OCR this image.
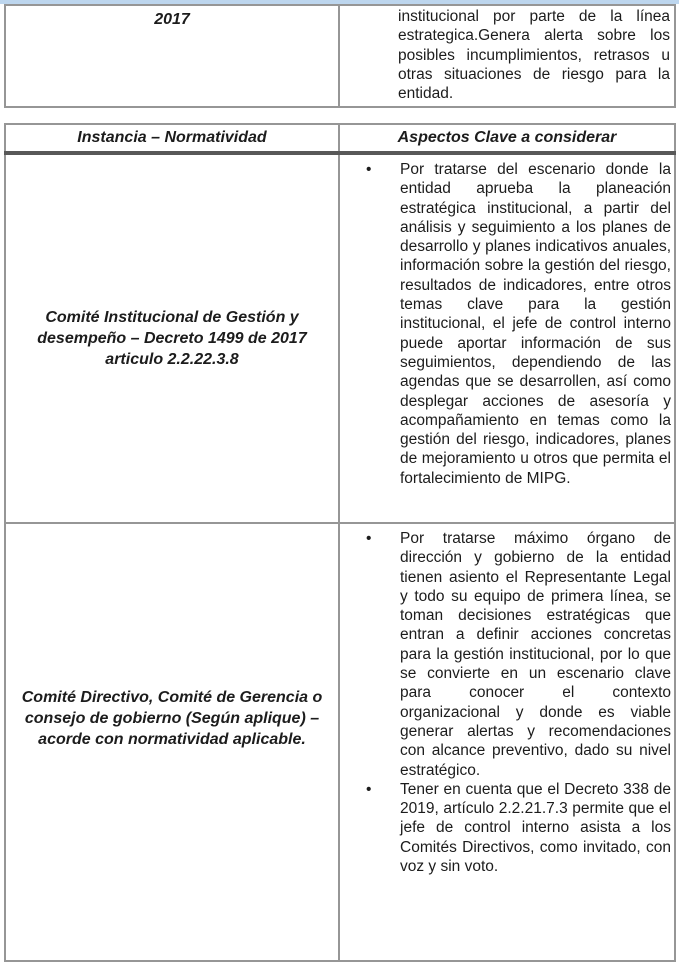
2017	institucional por parte de la línea estrategica.Genera alerta sobre los posibles incumplimientos, retrasos u otras situaciones de riesgo para la entidad.
Instancia – Normatividad	Aspectos Clave a considerar
Comité Institucional de Gestión y desempeño – Decreto 1499 de 2017 articulo 2.2.22.3.8	• Por tratarse del escenario donde la entidad aprueba la planeación estratégica institucional, a partir del análisis y seguimiento a los planes de desarrollo y planes indicativos anuales, información sobre la gestión del riesgo, resultados de indicadores, entre otros temas clave para la gestión institucional, el jefe de control interno puede aportar información de sus seguimientos, dependiendo de las agendas que se desarrollen, así como desplegar acciones de asesoría y acompañamiento en temas como la gestión del riesgo, indicadores, planes de mejoramiento u otros que permita el fortalecimiento de MIPG.

Comité Directivo, Comité de Gerencia o consejo de gobierno (Según aplique) – acorde con normatividad aplicable.	• Por tratarse máximo órgano de dirección y gobierno de la entidad tienen asiento el Representante Legal y todo su equipo de primera línea, se toman decisiones estratégicas que entran a definir acciones concretas para la gestión institucional, por lo que se convierte en un escenario clave para conocer el contexto organizacional y donde es viable generar alertas y recomendaciones con alcance preventivo, dado su nivel estratégico.
• Tener en cuenta que el Decreto 338 de 2019, artículo 2.2.21.7.3 permite que el jefe de control interno asista a los Comités Directivos, como invitado, con voz y sin voto.
